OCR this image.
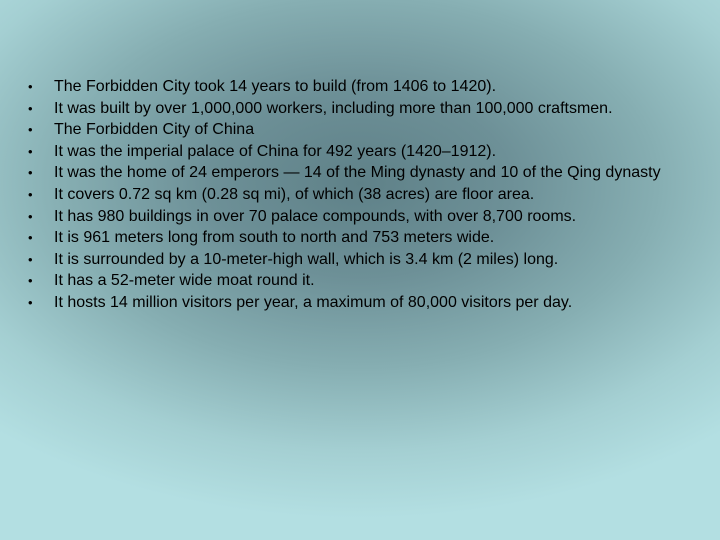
•	The Forbidden City took 14 years to build (from 1406 to 1420).
•	It was built by over 1,000,000 workers, including more than 100,000 craftsmen.
•	The Forbidden City of China
•	It was the imperial palace of China for 492 years (1420–1912).
•	It was the home of 24 emperors — 14 of the Ming dynasty and 10 of the Qing dynasty
•	It covers 0.72 sq km (0.28 sq mi), of which (38 acres) are floor area.
•	It has 980 buildings in over 70 palace compounds, with over 8,700 rooms.
•	It is 961 meters long from south to north and 753 meters wide.
•	It is surrounded by a 10-meter-high wall, which is 3.4 km (2 miles) long.
•	It has a 52-meter wide moat round it.
•	It hosts 14 million visitors per year, a maximum of 80,000 visitors per day.
